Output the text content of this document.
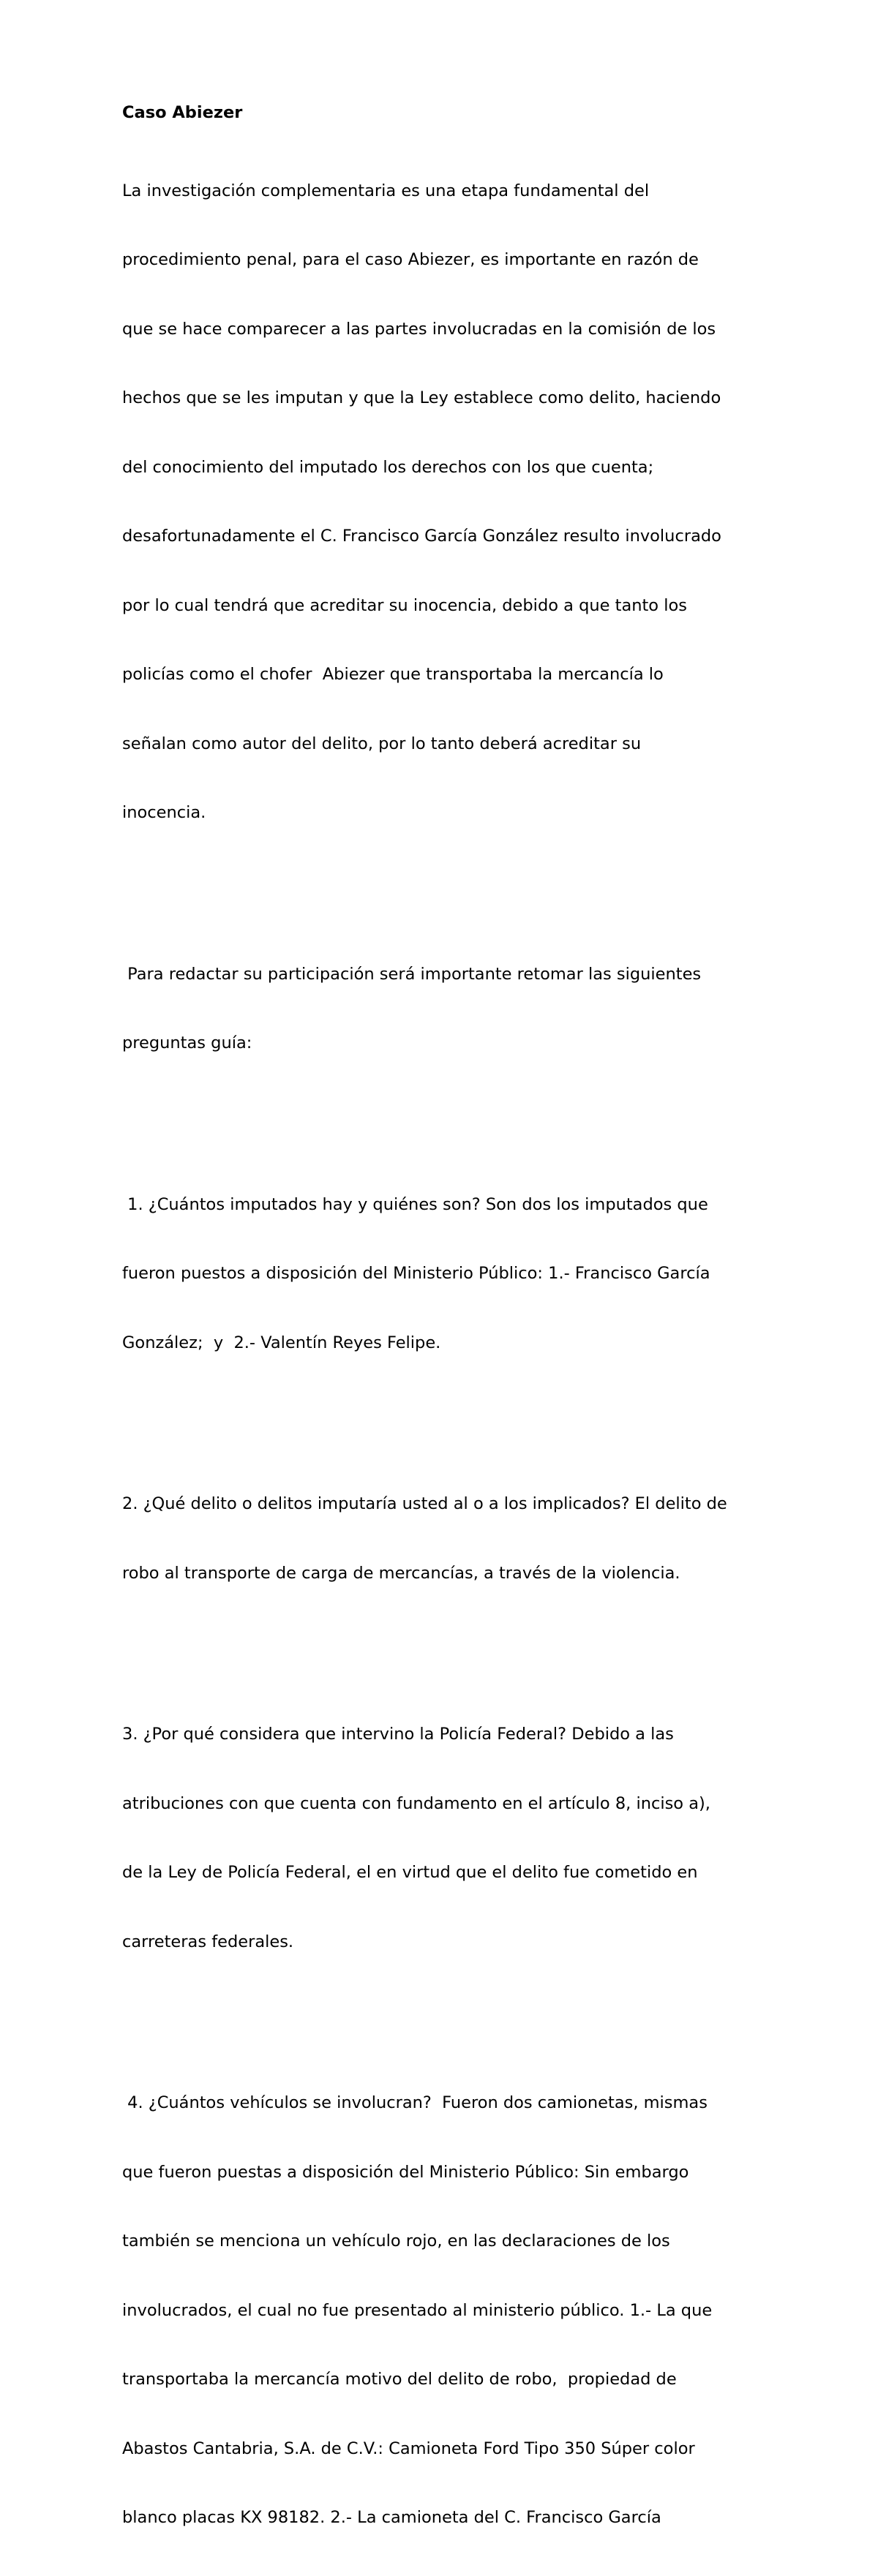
Caso Abiezer

La investigación complementaria es una etapa fundamental del

procedimiento penal, para el caso Abiezer, es importante en razón de

que se hace comparecer a las partes involucradas en la comisión de los

hechos que se les imputan y que la Ley establece como delito, haciendo

del conocimiento del imputado los derechos con los que cuenta;

desafortunadamente el C. Francisco García González resulto involucrado

por lo cual tendrá que acreditar su inocencia, debido a que tanto los

policías como el chofer  Abiezer que transportaba la mercancía lo

señalan como autor del delito, por lo tanto deberá acreditar su

inocencia.

Para redactar su participación será importante retomar las siguientes

preguntas guía:

1. ¿Cuántos imputados hay y quiénes son? Son dos los imputados que

fueron puestos a disposición del Ministerio Público: 1.- Francisco García

González;  y  2.- Valentín Reyes Felipe.

2. ¿Qué delito o delitos imputaría usted al o a los implicados? El delito de

robo al transporte de carga de mercancías, a través de la violencia.

3. ¿Por qué considera que intervino la Policía Federal? Debido a las

atribuciones con que cuenta con fundamento en el artículo 8, inciso a),

de la Ley de Policía Federal, el en virtud que el delito fue cometido en

carreteras federales.

4. ¿Cuántos vehículos se involucran?  Fueron dos camionetas, mismas

que fueron puestas a disposición del Ministerio Público: Sin embargo

también se menciona un vehículo rojo, en las declaraciones de los

involucrados, el cual no fue presentado al ministerio público. 1.- La que

transportaba la mercancía motivo del delito de robo,  propiedad de

Abastos Cantabria, S.A. de C.V.: Camioneta Ford Tipo 350 Súper color

blanco placas KX 98182. 2.- La camioneta del C. Francisco García
